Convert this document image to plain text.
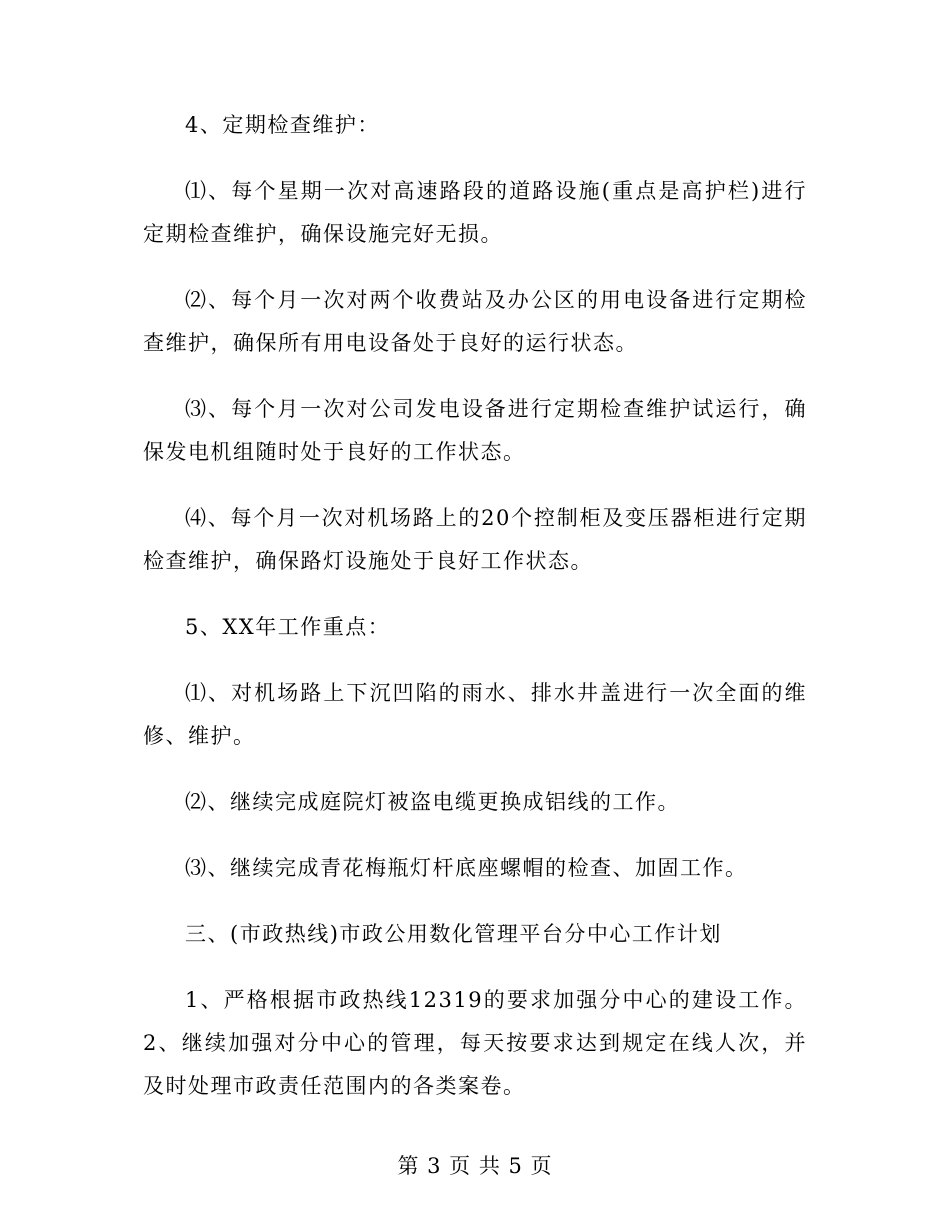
4、定期检查维护：

⑴、每个星期一次对高速路段的道路设施(重点是高护栏)进行定期检查维护，确保设施完好无损。

⑵、每个月一次对两个收费站及办公区的用电设备进行定期检查维护，确保所有用电设备处于良好的运行状态。

⑶、每个月一次对公司发电设备进行定期检查维护试运行，确保发电机组随时处于良好的工作状态。

⑷、每个月一次对机场路上的20个控制柜及变压器柜进行定期检查维护，确保路灯设施处于良好工作状态。

5、XX年工作重点：

⑴、对机场路上下沉凹陷的雨水、排水井盖进行一次全面的维修、维护。

⑵、继续完成庭院灯被盗电缆更换成铝线的工作。

⑶、继续完成青花梅瓶灯杆底座螺帽的检查、加固工作。

三、(市政热线)市政公用数化管理平台分中心工作计划

1、严格根据市政热线12319的要求加强分中心的建设工作。2、继续加强对分中心的管理，每天按要求达到规定在线人次，并及时处理市政责任范围内的各类案卷。

第 3 页 共 5 页
